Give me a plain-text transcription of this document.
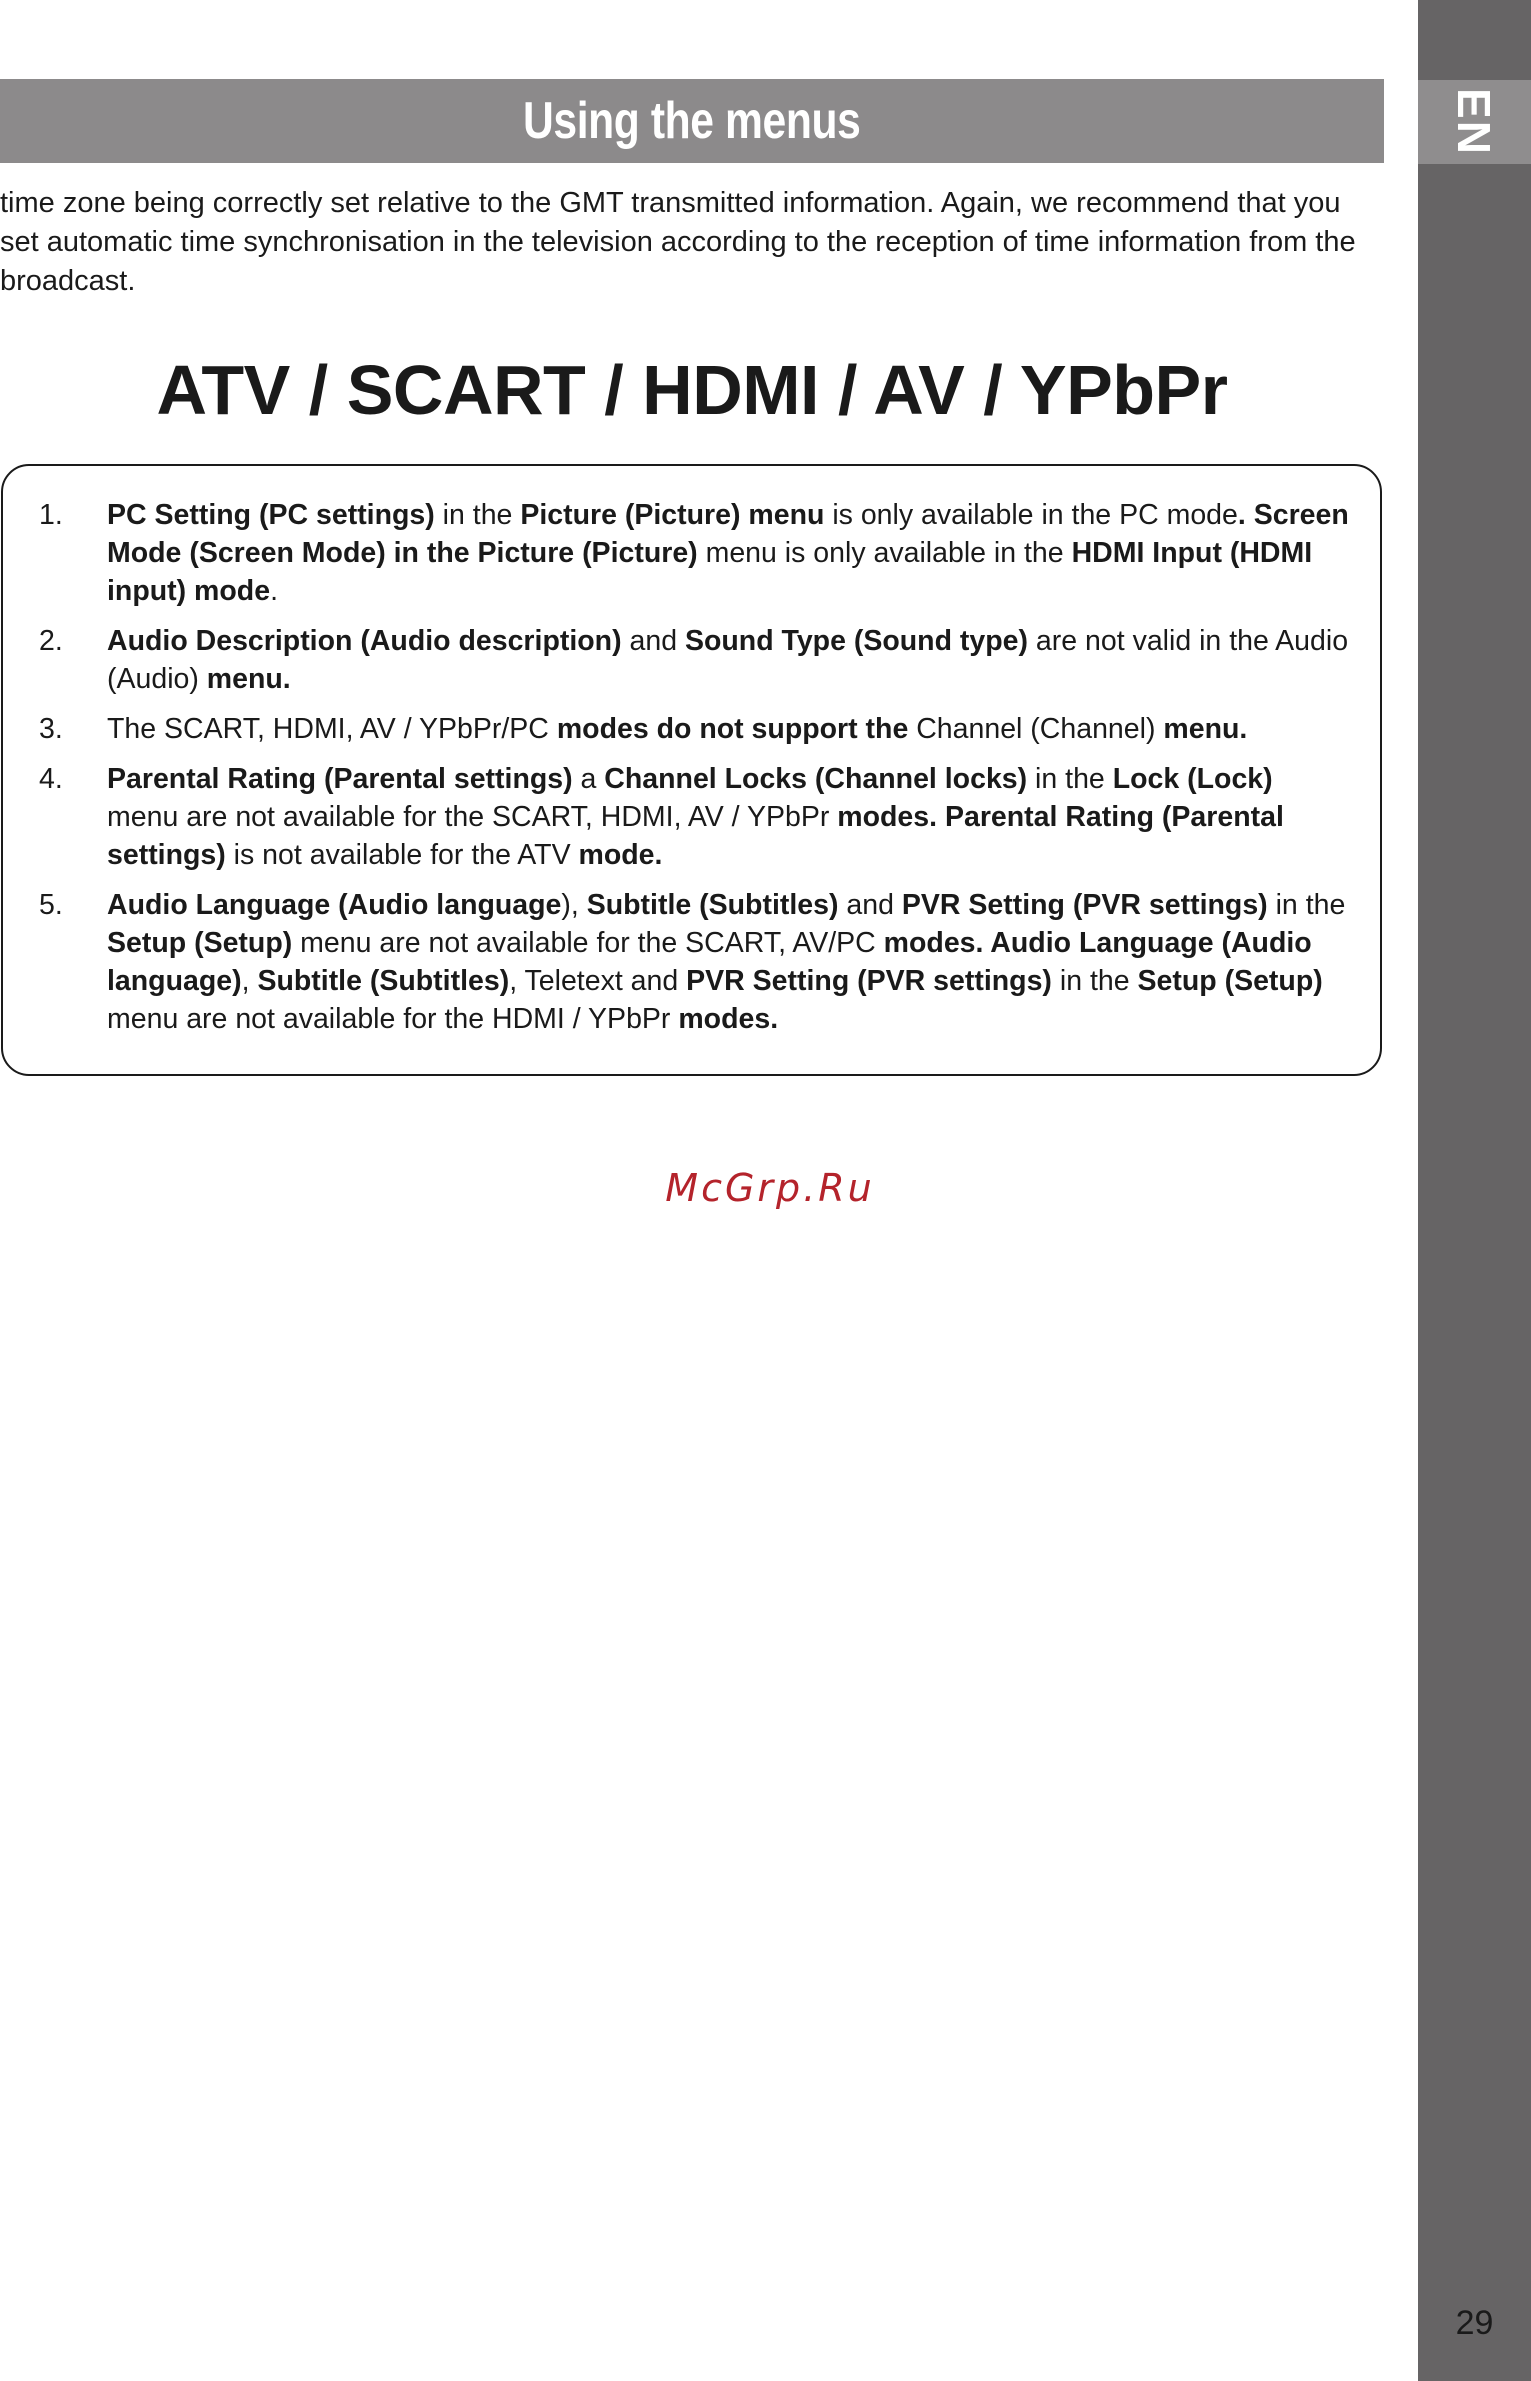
EN
29
Using the menus

time zone being correctly set relative to the GMT transmitted information. Again, we recommend that you set automatic time synchronisation in the television according to the reception of time information from the broadcast.

ATV / SCART / HDMI / AV / YPbPr
1. PC Setting (PC settings) in the Picture (Picture) menu is only available in the PC mode. Screen Mode (Screen Mode) in the Picture (Picture) menu is only available in the HDMI Input (HDMI input) mode.
2. Audio Description (Audio description) and Sound Type (Sound type) are not valid in the Audio (Audio) menu.
3. The SCART, HDMI, AV / YPbPr/PC modes do not support the Channel (Channel) menu.
4. Parental Rating (Parental settings) a Channel Locks (Channel locks) in the Lock (Lock) menu are not available for the SCART, HDMI, AV / YPbPr modes. Parental Rating (Parental settings) is not available for the ATV mode.
5. Audio Language (Audio language), Subtitle (Subtitles) and PVR Setting (PVR settings) in the Setup (Setup) menu are not available for the SCART, AV/PC modes. Audio Language (Audio language), Subtitle (Subtitles), Teletext and PVR Setting (PVR settings) in the Setup (Setup) menu are not available for the HDMI / YPbPr modes.
McGrp.Ru
